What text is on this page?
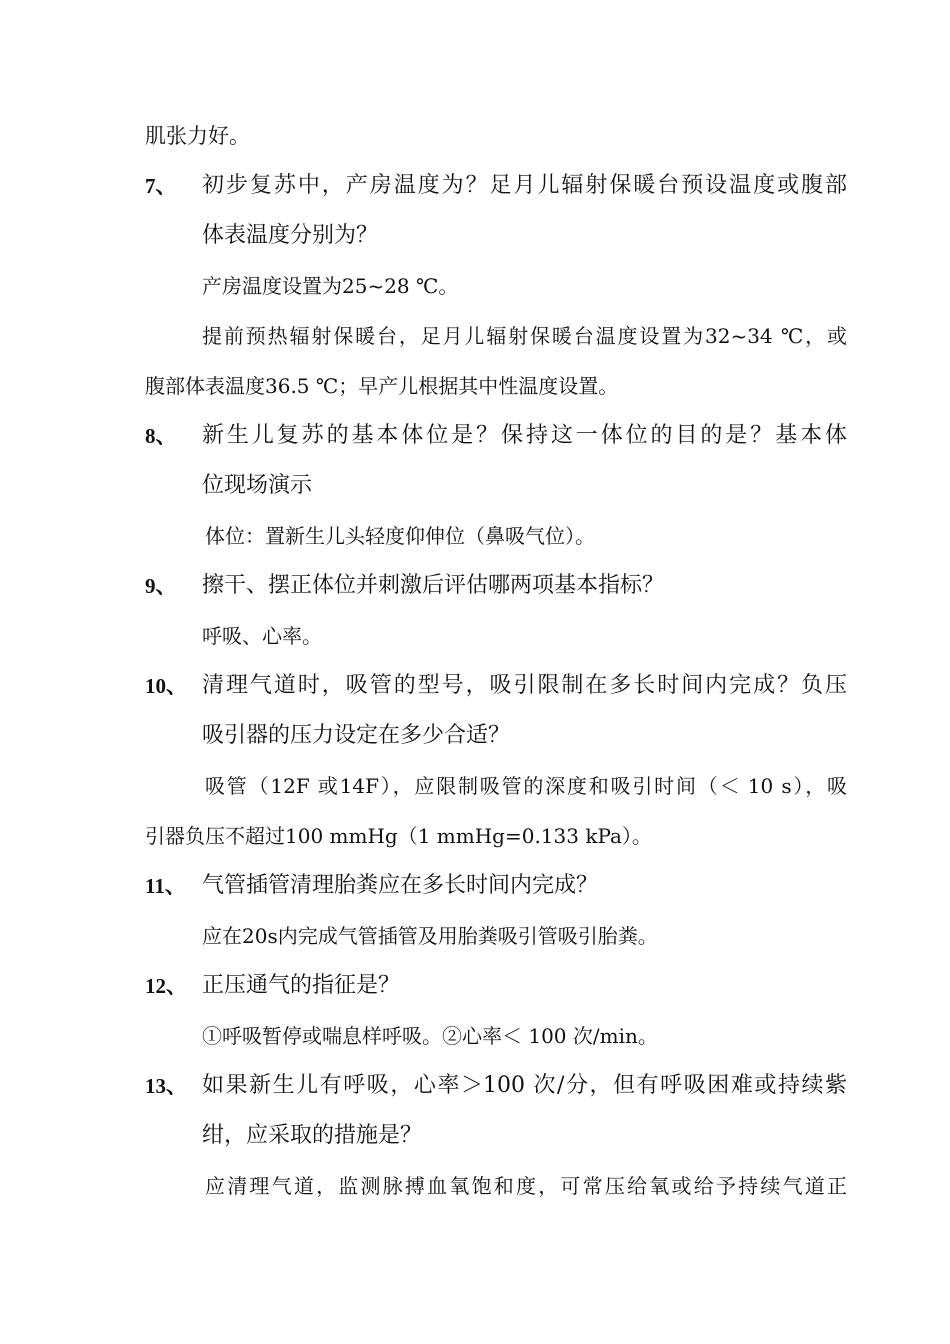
肌张力好。
7、 初步复苏中，产房温度为？足月儿辐射保暖台预设温度或腹部
体表温度分别为？
产房温度设置为25~28 ℃。
提前预热辐射保暖台，足月儿辐射保暖台温度设置为32~34 ℃，或
腹部体表温度36.5 ℃；早产儿根据其中性温度设置。
8、 新生儿复苏的基本体位是？保持这一体位的目的是？基本体
位现场演示
体位：置新生儿头轻度仰伸位（鼻吸气位）。
9、 擦干、摆正体位并刺激后评估哪两项基本指标？
呼吸、心率。
10、 清理气道时，吸管的型号，吸引限制在多长时间内完成？负压
吸引器的压力设定在多少合适？
吸管（12F 或14F），应限制吸管的深度和吸引时间（＜ 10 s），吸
引器负压不超过100 mmHg（1 mmHg=0.133 kPa）。
11、 气管插管清理胎粪应在多长时间内完成？
应在20s内完成气管插管及用胎粪吸引管吸引胎粪。
12、 正压通气的指征是？
①呼吸暂停或喘息样呼吸。②心率＜ 100 次/min。
13、 如果新生儿有呼吸，心率＞100 次/分，但有呼吸困难或持续紫
绀，应采取的措施是？
应清理气道，监测脉搏血氧饱和度，可常压给氧或给予持续气道正
